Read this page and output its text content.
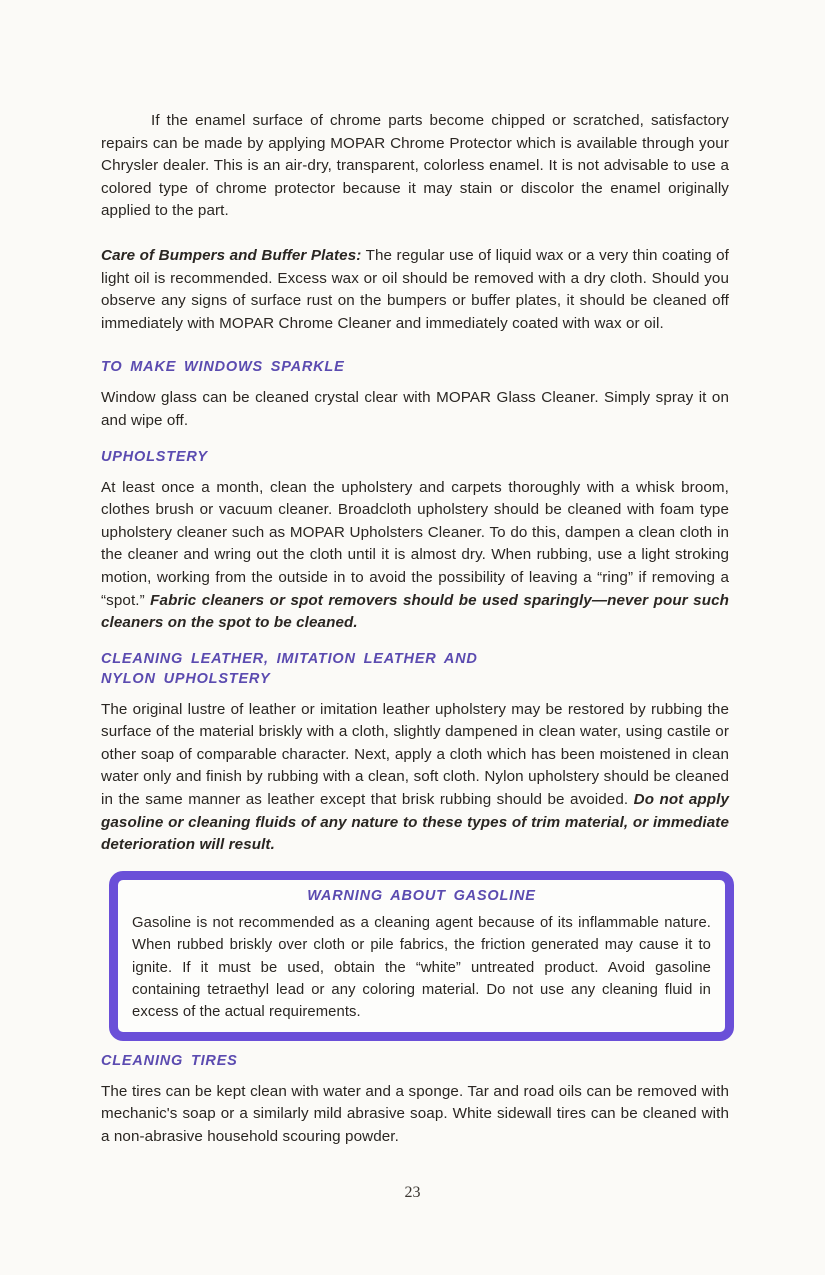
If the enamel surface of chrome parts become chipped or scratched, satisfactory repairs can be made by applying MOPAR Chrome Protector which is available through your Chrysler dealer. This is an air-dry, transparent, colorless enamel. It is not advisable to use a colored type of chrome protector because it may stain or discolor the enamel originally applied to the part.

Care of Bumpers and Buffer Plates: The regular use of liquid wax or a very thin coating of light oil is recommended. Excess wax or oil should be removed with a dry cloth. Should you observe any signs of surface rust on the bumpers or buffer plates, it should be cleaned off immediately with MOPAR Chrome Cleaner and immediately coated with wax or oil.

TO MAKE WINDOWS SPARKLE

Window glass can be cleaned crystal clear with MOPAR Glass Cleaner. Simply spray it on and wipe off.

UPHOLSTERY

At least once a month, clean the upholstery and carpets thoroughly with a whisk broom, clothes brush or vacuum cleaner. Broadcloth upholstery should be cleaned with foam type upholstery cleaner such as MOPAR Upholsters Cleaner. To do this, dampen a clean cloth in the cleaner and wring out the cloth until it is almost dry. When rubbing, use a light stroking motion, working from the outside in to avoid the possibility of leaving a “ring” if removing a “spot.” Fabric cleaners or spot removers should be used sparingly—never pour such cleaners on the spot to be cleaned.

CLEANING LEATHER, IMITATION LEATHER AND
NYLON UPHOLSTERY

The original lustre of leather or imitation leather upholstery may be restored by rubbing the surface of the material briskly with a cloth, slightly dampened in clean water, using castile or other soap of comparable character. Next, apply a cloth which has been moistened in clean water only and finish by rubbing with a clean, soft cloth. Nylon upholstery should be cleaned in the same manner as leather except that brisk rubbing should be avoided. Do not apply gasoline or cleaning fluids of any nature to these types of trim material, or immediate deterioration will result.

WARNING ABOUT GASOLINE

Gasoline is not recommended as a cleaning agent because of its inflammable nature. When rubbed briskly over cloth or pile fabrics, the friction generated may cause it to ignite. If it must be used, obtain the “white” untreated product. Avoid gasoline containing tetraethyl lead or any coloring material. Do not use any cleaning fluid in excess of the actual requirements.

CLEANING TIRES

The tires can be kept clean with water and a sponge. Tar and road oils can be removed with mechanic's soap or a similarly mild abrasive soap. White sidewall tires can be cleaned with a non-abrasive household scouring powder.

23
